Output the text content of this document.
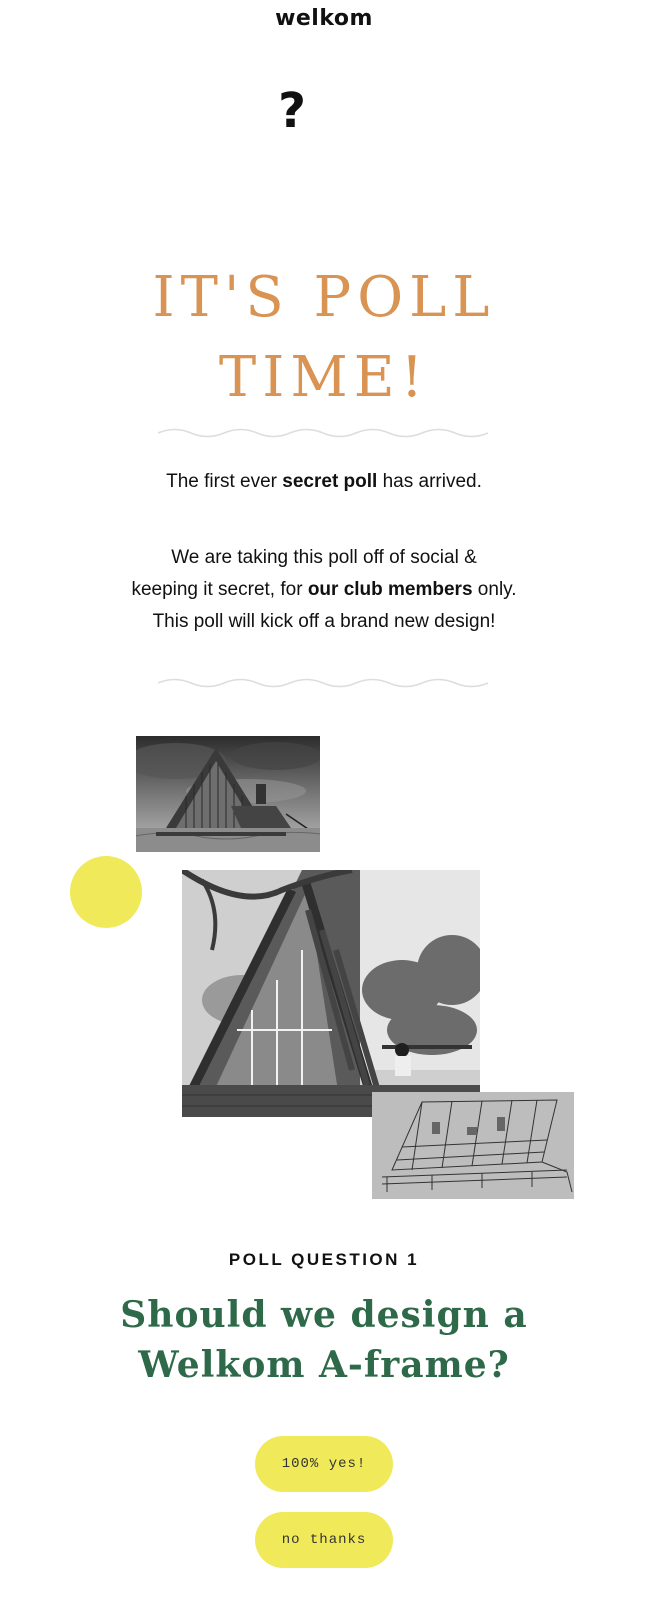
welkom
?
IT'S POLL
TIME!
The first ever secret poll has arrived.
We are taking this poll off of social &
keeping it secret, for our club members only.
This poll will kick off a brand new design!
POLL QUESTION 1
Should we design a
Welkom A-frame?
100% yes!
no thanks
